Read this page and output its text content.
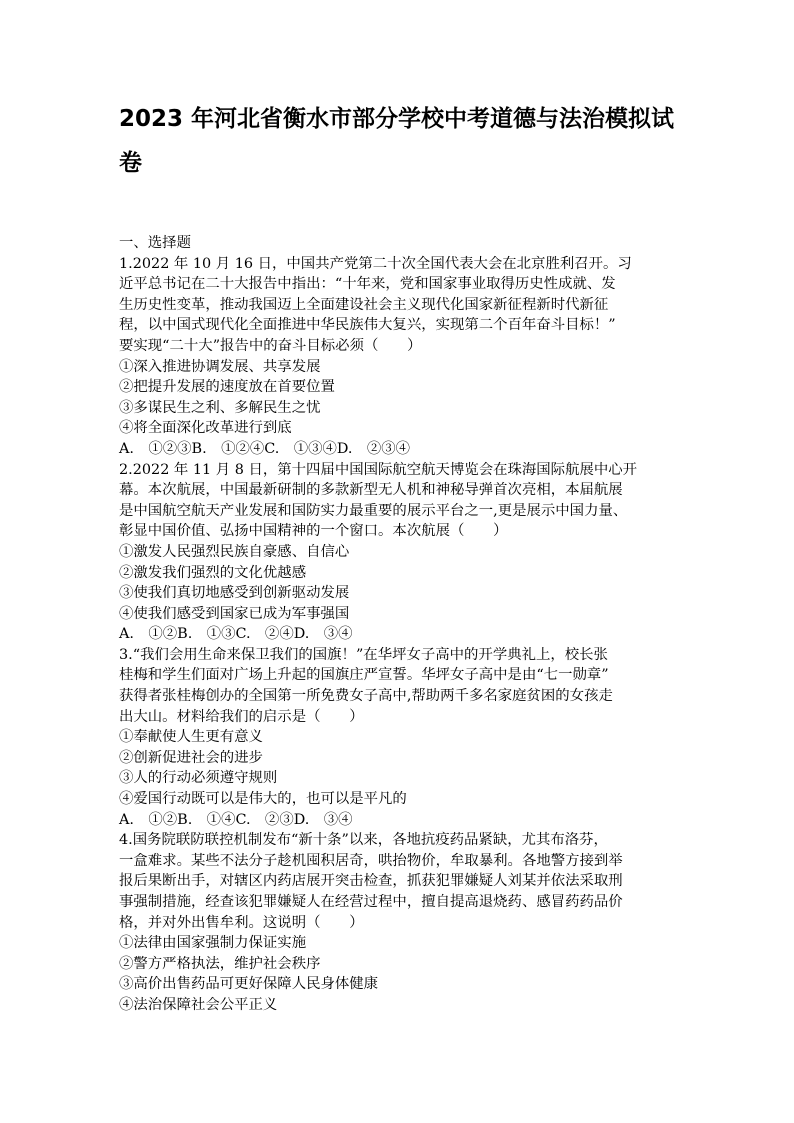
2023 年河北省衡水市部分学校中考道德与法治模拟试
卷
一、选择题
1.2022 年 10 月 16 日，中国共产党第二十次全国代表大会在北京胜利召开。习
近平总书记在二十大报告中指出：“十年来，党和国家事业取得历史性成就、发
生历史性变革，推动我国迈上全面建设社会主义现代化国家新征程新时代新征
程，以中国式现代化全面推进中华民族伟大复兴，实现第二个百年奋斗目标！”
要实现“二十大”报告中的奋斗目标必须（　　）
①深入推进协调发展、共享发展
②把提升发展的速度放在首要位置
③多谋民生之利、多解民生之忧
④将全面深化改革进行到底
A.　①②③B.　①②④C.　①③④D.　②③④
2.2022 年 11 月 8 日，第十四届中国国际航空航天博览会在珠海国际航展中心开
幕。本次航展，中国最新研制的多款新型无人机和神秘导弹首次亮相，本届航展
是中国航空航天产业发展和国防实力最重要的展示平台之一,更是展示中国力量、
彰显中国价值、弘扬中国精神的一个窗口。本次航展（　　）
①激发人民强烈民族自豪感、自信心
②激发我们强烈的文化优越感
③使我们真切地感受到创新驱动发展
④使我们感受到国家已成为军事强国
A.　①②B.　①③C.　②④D.　③④
3.“我们会用生命来保卫我们的国旗！”在华坪女子高中的开学典礼上，校长张
桂梅和学生们面对广场上升起的国旗庄严宣誓。华坪女子高中是由“七一勋章”
获得者张桂梅创办的全国第一所免费女子高中,帮助两千多名家庭贫困的女孩走
出大山。材料给我们的启示是（　　）
①奉献使人生更有意义
②创新促进社会的进步
③人的行动必须遵守规则
④爱国行动既可以是伟大的，也可以是平凡的
A.　①②B.　①④C.　②③D.　③④
4.国务院联防联控机制发布“新十条”以来，各地抗疫药品紧缺，尤其布洛芬，
一盒难求。某些不法分子趁机囤积居奇，哄抬物价，牟取暴利。各地警方接到举
报后果断出手，对辖区内药店展开突击检查，抓获犯罪嫌疑人刘某并依法采取刑
事强制措施，经查该犯罪嫌疑人在经营过程中，擅自提高退烧药、感冒药药品价
格，并对外出售牟利。这说明（　　）
①法律由国家强制力保证实施
②警方严格执法，维护社会秩序
③高价出售药品可更好保障人民身体健康
④法治保障社会公平正义
